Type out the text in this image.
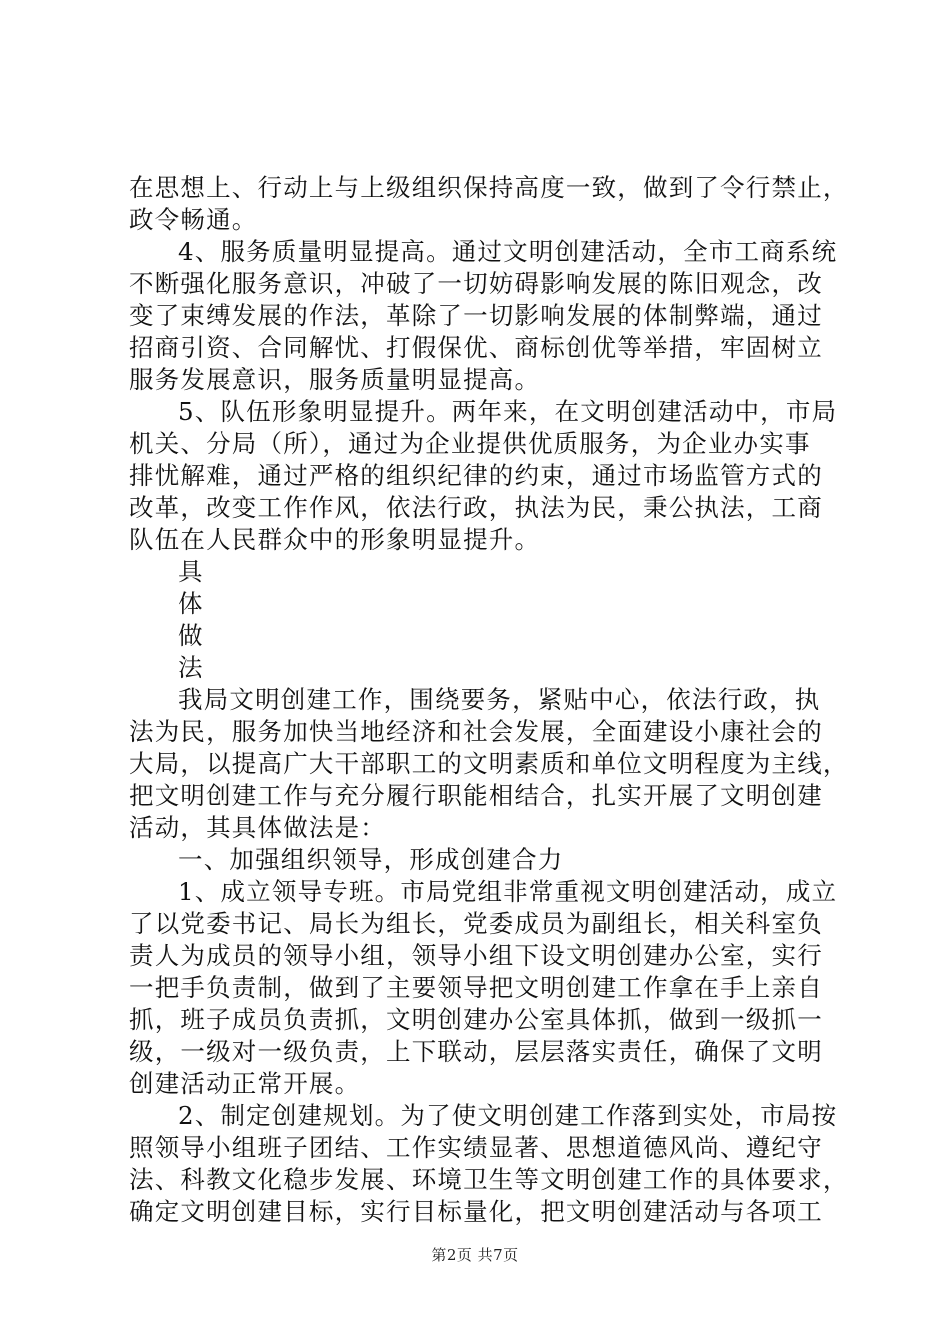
在思想上、行动上与上级组织保持高度一致，做到了令行禁止，
政令畅通。
4、服务质量明显提高。通过文明创建活动，全市工商系统
不断强化服务意识，冲破了一切妨碍影响发展的陈旧观念，改
变了束缚发展的作法，革除了一切影响发展的体制弊端，通过
招商引资、合同解忧、打假保优、商标创优等举措，牢固树立
服务发展意识，服务质量明显提高。
5、队伍形象明显提升。两年来，在文明创建活动中，市局
机关、分局（所），通过为企业提供优质服务，为企业办实事
排忧解难，通过严格的组织纪律的约束，通过市场监管方式的
改革，改变工作作风，依法行政，执法为民，秉公执法，工商
队伍在人民群众中的形象明显提升。
具
体
做
法
我局文明创建工作，围绕要务，紧贴中心，依法行政，执
法为民，服务加快当地经济和社会发展，全面建设小康社会的
大局，以提高广大干部职工的文明素质和单位文明程度为主线，
把文明创建工作与充分履行职能相结合，扎实开展了文明创建
活动，其具体做法是：
一、加强组织领导，形成创建合力
1、成立领导专班。市局党组非常重视文明创建活动，成立
了以党委书记、局长为组长，党委成员为副组长，相关科室负
责人为成员的领导小组，领导小组下设文明创建办公室，实行
一把手负责制，做到了主要领导把文明创建工作拿在手上亲自
抓，班子成员负责抓，文明创建办公室具体抓，做到一级抓一
级，一级对一级负责，上下联动，层层落实责任，确保了文明
创建活动正常开展。
2、制定创建规划。为了使文明创建工作落到实处，市局按
照领导小组班子团结、工作实绩显著、思想道德风尚、遵纪守
法、科教文化稳步发展、环境卫生等文明创建工作的具体要求，
确定文明创建目标，实行目标量化，把文明创建活动与各项工
第2页 共7页
